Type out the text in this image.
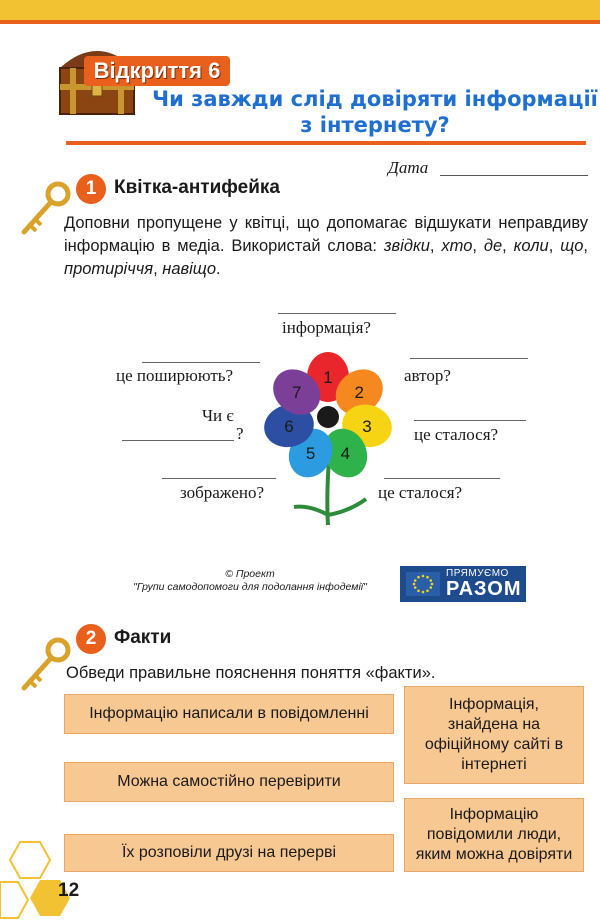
Відкриття 6
Чи завжди слід довіряти інформації
з інтернету?
Дата
1 Квітка-антифейка
Доповни пропущене у квітці, що допомагає відшукати неправдиву інформацію в медіа. Використай слова: звідки, хто, де, коли, що, протиріччя, навіщо.
1
2
3
4
5
6
7
інформація?
це поширюють?	автор?
Чи є
?	це сталося?
зображено?	це сталося?
© Проект
"Групи самодопомоги для подолання інфодемії"
ПРЯМУЄМО
РАЗОМ
2 Факти
Обведи правильне пояснення поняття «факти».
Інформацію написали в повідомленні
Можна самостійно перевірити
Їх розповіли друзі на перерві
Інформація, знайдена на офіційному сайті в інтернеті
Інформацію повідомили люди, яким можна довіряти
12
